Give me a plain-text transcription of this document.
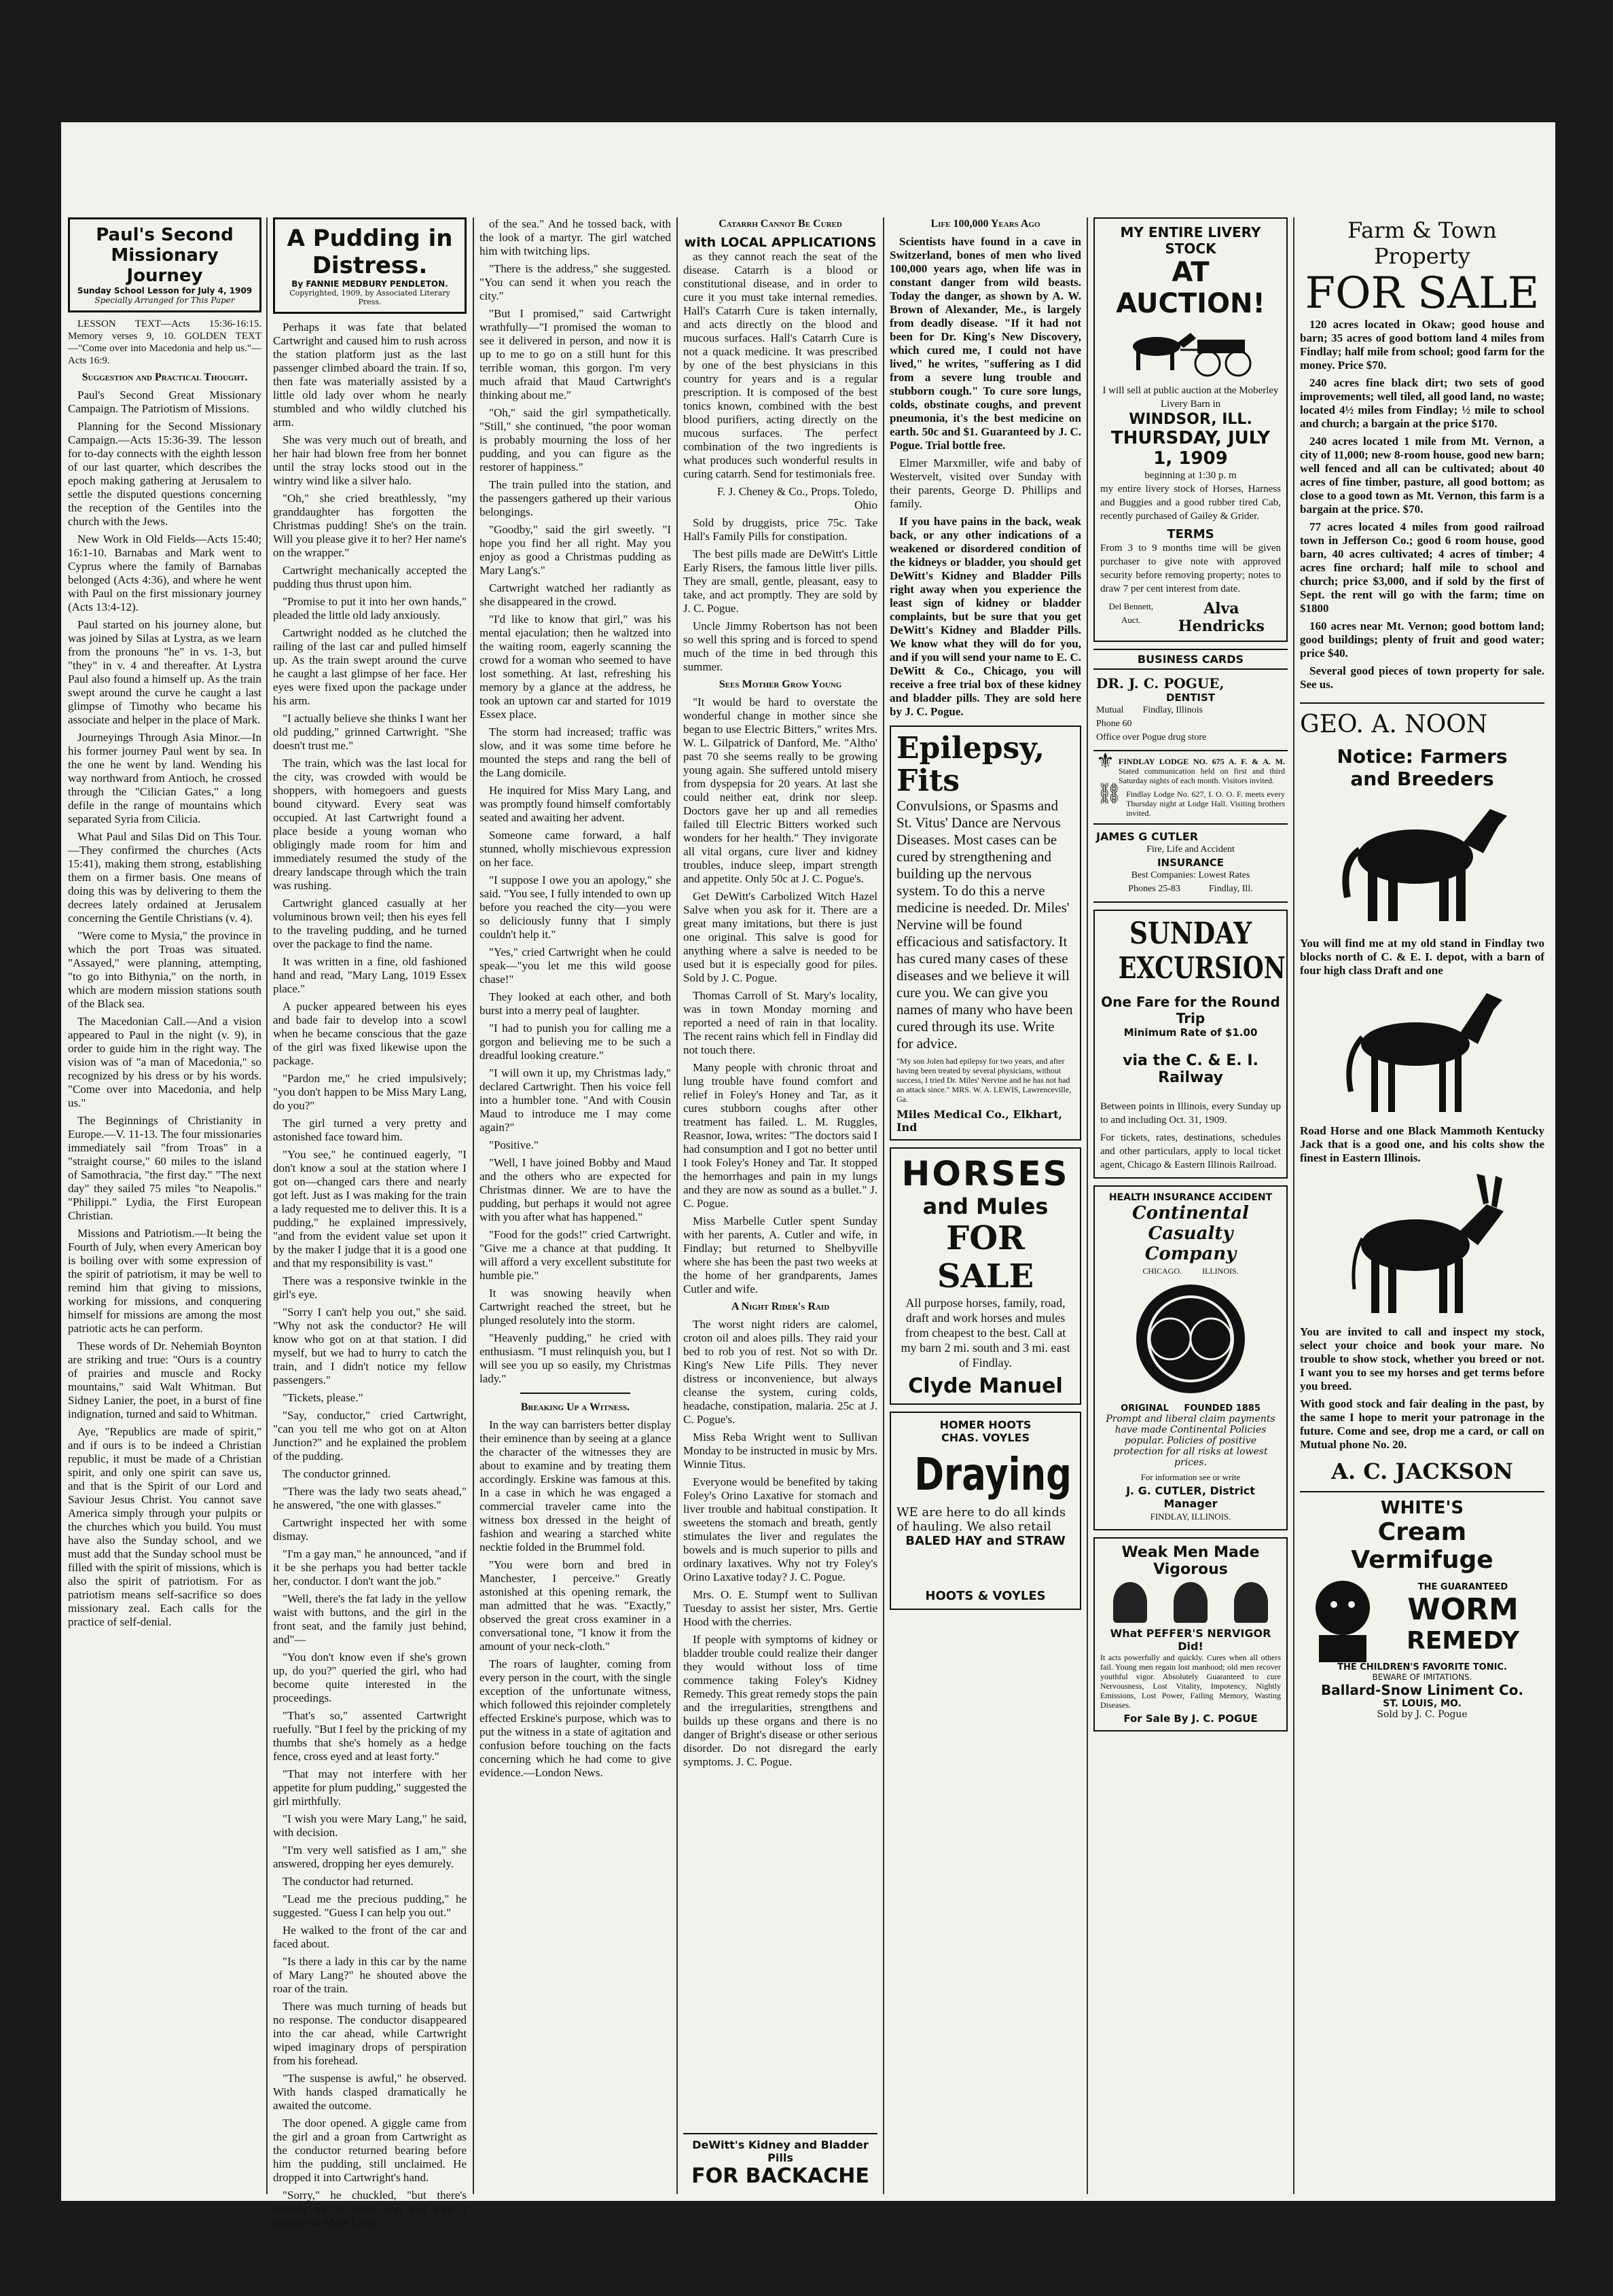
Paul's Second
Missionary Journey
Sunday School Lesson for July 4, 1909
Specially Arranged for This Paper

LESSON TEXT—Acts 15:36-16:15. Memory verses 9, 10. GOLDEN TEXT—"Come over into Macedonia and help us."—Acts 16:9.

Suggestion and Practical Thought.

Paul's Second Great Missionary Campaign. The Patriotism of Missions.

Planning for the Second Missionary Campaign.—Acts 15:36-39. The lesson for to-day connects with the eighth lesson of our last quarter, which describes the epoch making gathering at Jerusalem to settle the disputed questions concerning the reception of the Gentiles into the church with the Jews.

New Work in Old Fields—Acts 15:40; 16:1-10. Barnabas and Mark went to Cyprus where the family of Barnabas belonged (Acts 4:36), and where he went with Paul on the first missionary journey (Acts 13:4-12).

Paul started on his journey alone, but was joined by Silas at Lystra, as we learn from the pronouns "he" in vs. 1-3, but "they" in v. 4 and thereafter. At Lystra Paul also found a himself up. As the train swept around the curve he caught a last glimpse of Timothy who became his associate and helper in the place of Mark.

Journeyings Through Asia Minor.—In his former journey Paul went by sea. In the one he went by land. Wending his way northward from Antioch, he crossed through the "Cilician Gates," a long defile in the range of mountains which separated Syria from Cilicia.

What Paul and Silas Did on This Tour.—They confirmed the churches (Acts 15:41), making them strong, establishing them on a firmer basis. One means of doing this was by delivering to them the decrees lately ordained at Jerusalem concerning the Gentile Christians (v. 4).

"Were come to Mysia," the province in which the port Troas was situated. "Assayed," were planning, attempting, "to go into Bithynia," on the north, in which are modern mission stations south of the Black sea.

The Macedonian Call.—And a vision appeared to Paul in the night (v. 9), in order to guide him in the right way. The vision was of "a man of Macedonia," so recognized by his dress or by his words. "Come over into Macedonia, and help us."

The Beginnings of Christianity in Europe.—V. 11-13. The four missionaries immediately sail "from Troas" in a "straight course," 60 miles to the island of Samothracia, "the first day." "The next day" they sailed 75 miles "to Neapolis." "Philippi." Lydia, the First European Christian.

Missions and Patriotism.—It being the Fourth of July, when every American boy is boiling over with some expression of the spirit of patriotism, it may be well to remind him that giving to missions, working for missions, and conquering himself for missions are among the most patriotic acts he can perform.

These words of Dr. Nehemiah Boynton are striking and true: "Ours is a country of prairies and muscle and Rocky mountains," said Walt Whitman. But Sidney Lanier, the poet, in a burst of fine indignation, turned and said to Whitman.

Aye, "Republics are made of spirit," and if ours is to be indeed a Christian republic, it must be made of a Christian spirit, and only one spirit can save us, and that is the Spirit of our Lord and Saviour Jesus Christ. You cannot save America simply through your pulpits or the churches which you build. You must have also the Sunday school, and we must add that the Sunday school must be filled with the spirit of missions, which is also the spirit of patriotism. For as patriotism means self-sacrifice so does missionary zeal. Each calls for the practice of self-denial.

A Pudding in
Distress.
By FANNIE MEDBURY PENDLETON.
Copyrighted, 1909, by Associated Literary Press.

Perhaps it was fate that belated Cartwright and caused him to rush across the station platform just as the last passenger climbed aboard the train. If so, then fate was materially assisted by a little old lady over whom he nearly stumbled and who wildly clutched his arm.

She was very much out of breath, and her hair had blown free from her bonnet until the stray locks stood out in the wintry wind like a silver halo.

"Oh," she cried breathlessly, "my granddaughter has forgotten the Christmas pudding! She's on the train. Will you please give it to her? Her name's on the wrapper."

Cartwright mechanically accepted the pudding thus thrust upon him.

"Promise to put it into her own hands," pleaded the little old lady anxiously.

Cartwright nodded as he clutched the railing of the last car and pulled himself up. As the train swept around the curve he caught a last glimpse of her face. Her eyes were fixed upon the package under his arm.

"I actually believe she thinks I want her old pudding," grinned Cartwright. "She doesn't trust me."

The train, which was the last local for the city, was crowded with would be shoppers, with homegoers and guests bound cityward. Every seat was occupied. At last Cartwright found a place beside a young woman who obligingly made room for him and immediately resumed the study of the dreary landscape through which the train was rushing.

Cartwright glanced casually at her voluminous brown veil; then his eyes fell to the traveling pudding, and he turned over the package to find the name.

It was written in a fine, old fashioned hand and read, "Mary Lang, 1019 Essex place."

A pucker appeared between his eyes and bade fair to develop into a scowl when he became conscious that the gaze of the girl was fixed likewise upon the package.

"Pardon me," he cried impulsively; "you don't happen to be Miss Mary Lang, do you?"

The girl turned a very pretty and astonished face toward him.

"You see," he continued eagerly, "I don't know a soul at the station where I got on—changed cars there and nearly got left. Just as I was making for the train a lady requested me to deliver this. It is a pudding," he explained impressively, "and from the evident value set upon it by the maker I judge that it is a good one and that my responsibility is vast."

There was a responsive twinkle in the girl's eye.

"Sorry I can't help you out," she said. "Why not ask the conductor? He will know who got on at that station. I did myself, but we had to hurry to catch the train, and I didn't notice my fellow passengers."

"Tickets, please."

"Say, conductor," cried Cartwright, "can you tell me who got on at Alton Junction?" and he explained the problem of the pudding.

The conductor grinned.

"There was the lady two seats ahead," he answered, "the one with glasses."

Cartwright inspected her with some dismay.

"I'm a gay man," he announced, "and if it be she perhaps you had better tackle her, conductor. I don't want the job."

"Well, there's the fat lady in the yellow waist with buttons, and the girl in the front seat, and the family just behind, and"—

"You don't know even if she's grown up, do you?" queried the girl, who had become quite interested in the proceedings.

"That's so," assented Cartwright ruefully. "But I feel by the pricking of my thumbs that she's homely as a hedge fence, cross eyed and at least forty."

"That may not interfere with her appetite for plum pudding," suggested the girl mirthfully.

"I wish you were Mary Lang," he said, with decision.

"I'm very well satisfied as I am," she answered, dropping her eyes demurely.

The conductor had returned.

"Lead me the precious pudding," he suggested. "Guess I can help you out."

He walked to the front of the car and faced about.

"Is there a lady in this car by the name of Mary Lang?" he shouted above the roar of the train.

There was much turning of heads but no response. The conductor disappeared into the car ahead, while Cartwright wiped imaginary drops of perspiration from his forehead.

"The suspense is awful," he observed. With hands clasped dramatically he awaited the outcome.

The door opened. A giggle came from the girl and a groan from Cartwright as the conductor returned bearing before him the pudding, still unclaimed. He dropped it into Cartwright's hand.

"Sorry," he chuckled, "but there's nobody on the train who will own it belongs to Mary Lang."

of the sea." And he tossed back, with the look of a martyr. The girl watched him with twitching lips.

"There is the address," she suggested. "You can send it when you reach the city."

"But I promised," said Cartwright wrathfully—"I promised the woman to see it delivered in person, and now it is up to me to go on a still hunt for this terrible woman, this gorgon. I'm very much afraid that Maud Cartwright's thinking about me."

"Oh," said the girl sympathetically. "Still," she continued, "the poor woman is probably mourning the loss of her pudding, and you can figure as the restorer of happiness."

The train pulled into the station, and the passengers gathered up their various belongings.

"Goodby," said the girl sweetly. "I hope you find her all right. May you enjoy as good a Christmas pudding as Mary Lang's."

Cartwright watched her radiantly as she disappeared in the crowd.

"I'd like to know that girl," was his mental ejaculation; then he waltzed into the waiting room, eagerly scanning the crowd for a woman who seemed to have lost something. At last, refreshing his memory by a glance at the address, he took an uptown car and started for 1019 Essex place.

The storm had increased; traffic was slow, and it was some time before he mounted the steps and rang the bell of the Lang domicile.

He inquired for Miss Mary Lang, and was promptly found himself comfortably seated and awaiting her advent.

Someone came forward, a half stunned, wholly mischievous expression on her face.

"I suppose I owe you an apology," she said. "You see, I fully intended to own up before you reached the city—you were so deliciously funny that I simply couldn't help it."

"Yes," cried Cartwright when he could speak—"you let me this wild goose chase!"

They looked at each other, and both burst into a merry peal of laughter.

"I had to punish you for calling me a gorgon and believing me to be such a dreadful looking creature."

"I will own it up, my Christmas lady," declared Cartwright. Then his voice fell into a humbler tone. "And with Cousin Maud to introduce me I may come again?"

"Positive."

"Well, I have joined Bobby and Maud and the others who are expected for Christmas dinner. We are to have the pudding, but perhaps it would not agree with you after what has happened."

"Food for the gods!" cried Cartwright. "Give me a chance at that pudding. It will afford a very excellent substitute for humble pie."

It was snowing heavily when Cartwright reached the street, but he plunged resolutely into the storm.

"Heavenly pudding," he cried with enthusiasm. "I must relinquish you, but I will see you up so easily, my Christmas lady."

Breaking Up a Witness.

In the way can barristers better display their eminence than by seeing at a glance the character of the witnesses they are about to examine and by treating them accordingly. Erskine was famous at this. In a case in which he was engaged a commercial traveler came into the witness box dressed in the height of fashion and wearing a starched white necktie folded in the Brummel fold.

"You were born and bred in Manchester, I perceive." Greatly astonished at this opening remark, the man admitted that he was. "Exactly," observed the great cross examiner in a conversational tone, "I know it from the amount of your neck-cloth."

The roars of laughter, coming from every person in the court, with the single exception of the unfortunate witness, which followed this rejoinder completely effected Erskine's purpose, which was to put the witness in a state of agitation and confusion before touching on the facts concerning which he had come to give evidence.—London News.

Catarrh Cannot Be Cured
with LOCAL APPLICATIONS

as they cannot reach the seat of the disease. Catarrh is a blood or constitutional disease, and in order to cure it you must take internal remedies. Hall's Catarrh Cure is taken internally, and acts directly on the blood and mucous surfaces. Hall's Catarrh Cure is not a quack medicine. It was prescribed by one of the best physicians in this country for years and is a regular prescription. It is composed of the best tonics known, combined with the best blood purifiers, acting directly on the mucous surfaces. The perfect combination of the two ingredients is what produces such wonderful results in curing catarrh. Send for testimonials free.

F. J. Cheney & Co., Props. Toledo, Ohio

Sold by druggists, price 75c. Take Hall's Family Pills for constipation.

The best pills made are DeWitt's Little Early Risers, the famous little liver pills. They are small, gentle, pleasant, easy to take, and act promptly. They are sold by J. C. Pogue.

Uncle Jimmy Robertson has not been so well this spring and is forced to spend much of the time in bed through this summer.

Sees Mother Grow Young

"It would be hard to overstate the wonderful change in mother since she began to use Electric Bitters," writes Mrs. W. L. Gilpatrick of Danford, Me. "Altho' past 70 she seems really to be growing young again. She suffered untold misery from dyspepsia for 20 years. At last she could neither eat, drink nor sleep. Doctors gave her up and all remedies failed till Electric Bitters worked such wonders for her health." They invigorate all vital organs, cure liver and kidney troubles, induce sleep, impart strength and appetite. Only 50c at J. C. Pogue's.

Get DeWitt's Carbolized Witch Hazel Salve when you ask for it. There are a great many imitations, but there is just one original. This salve is good for anything where a salve is needed to be used but it is especially good for piles. Sold by J. C. Pogue.

Thomas Carroll of St. Mary's locality, was in town Monday morning and reported a need of rain in that locality. The recent rains which fell in Findlay did not touch there.

Many people with chronic throat and lung trouble have found comfort and relief in Foley's Honey and Tar, as it cures stubborn coughs after other treatment has failed. L. M. Ruggles, Reasnor, Iowa, writes: "The doctors said I had consumption and I got no better until I took Foley's Honey and Tar. It stopped the hemorrhages and pain in my lungs and they are now as sound as a bullet." J. C. Pogue.

Miss Marbelle Cutler spent Sunday with her parents, A. Cutler and wife, in Findlay; but returned to Shelbyville where she has been the past two weeks at the home of her grandparents, James Cutler and wife.

A Night Rider's Raid

The worst night riders are calomel, croton oil and aloes pills. They raid your bed to rob you of rest. Not so with Dr. King's New Life Pills. They never distress or inconvenience, but always cleanse the system, curing colds, headache, constipation, malaria. 25c at J. C. Pogue's.

Miss Reba Wright went to Sullivan Monday to be instructed in music by Mrs. Winnie Titus.

Everyone would be benefited by taking Foley's Orino Laxative for stomach and liver trouble and habitual constipation. It sweetens the stomach and breath, gently stimulates the liver and regulates the bowels and is much superior to pills and ordinary laxatives. Why not try Foley's Orino Laxative today? J. C. Pogue.

Mrs. O. E. Stumpf went to Sullivan Tuesday to assist her sister, Mrs. Gertie Hood with the cherries.

If people with symptoms of kidney or bladder trouble could realize their danger they would without loss of time commence taking Foley's Kidney Remedy. This great remedy stops the pain and the irregularities, strengthens and builds up these organs and there is no danger of Bright's disease or other serious disorder. Do not disregard the early symptoms. J. C. Pogue.

DeWitt's Kidney and Bladder Pills
FOR BACKACHE
Life 100,000 Years Ago

Scientists have found in a cave in Switzerland, bones of men who lived 100,000 years ago, when life was in constant danger from wild beasts. Today the danger, as shown by A. W. Brown of Alexander, Me., is largely from deadly disease. "If it had not been for Dr. King's New Discovery, which cured me, I could not have lived," he writes, "suffering as I did from a severe lung trouble and stubborn cough." To cure sore lungs, colds, obstinate coughs, and prevent pneumonia, it's the best medicine on earth. 50c and $1. Guaranteed by J. C. Pogue. Trial bottle free.

Elmer Marxmiller, wife and baby of Westervelt, visited over Sunday with their parents, George D. Phillips and family.

If you have pains in the back, weak back, or any other indications of a weakened or disordered condition of the kidneys or bladder, you should get DeWitt's Kidney and Bladder Pills right away when you experience the least sign of kidney or bladder complaints, but be sure that you get DeWitt's Kidney and Bladder Pills. We know what they will do for you, and if you will send your name to E. C. DeWitt & Co., Chicago, you will receive a free trial box of these kidney and bladder pills. They are sold here by J. C. Pogue.

Epilepsy,
Fits

Convulsions, or Spasms and St. Vitus' Dance are Nervous Diseases. Most cases can be cured by strengthening and building up the nervous system. To do this a nerve medicine is needed. Dr. Miles' Nervine will be found efficacious and satisfactory. It has cured many cases of these diseases and we believe it will cure you. We can give you names of many who have been cured through its use. Write for advice.

"My son Jolen had epilepsy for two years, and after having been treated by several physicians, without success, I tried Dr. Miles' Nervine and he has not had an attack since." MRS. W. A. LEWIS, Lawrenceville, Ga.

Miles Medical Co., Elkhart, Ind
HORSES
and Mules
FOR SALE

All purpose horses, family, road, draft and work horses and mules from cheapest to the best. Call at my barn 2 mi. south and 3 mi. east of Findlay.

Clyde Manuel
HOMER HOOTS
CHAS. VOYLES
Draying
WE are here to do all kinds of hauling. We also retail
BALED HAY and STRAW
HOOTS & VOYLES
MY ENTIRE LIVERY STOCK
AT AUCTION!
I will sell at public auction at the Moberley Livery Barn in
WINDSOR, ILL.
THURSDAY, JULY 1, 1909
beginning at 1:30 p. m
my entire livery stock of Horses, Harness and Buggies and a good rubber tired Cab, recently purchased of Gailey & Grider.
TERMS
From 3 to 9 months time will be given purchaser to give note with approved security before removing property; notes to draw 7 per cent interest from date.
Del Bennett, Auct.
Alva Hendricks
BUSINESS CARDS
DR. J. C. POGUE,
DENTIST
Mutual        Findlay, Illinois
Phone 60
Office over Pogue drug store
⚜ FINDLAY LODGE NO. 675 A. F. & A. M. Stated communication held on first and third Saturday nights of each month. Visitors invited.
⛓ Findlay Lodge No. 627, I. O. O. F. meets every Thursday night at Lodge Hall. Visiting brothers invited.
JAMES G CUTLER
Fire, Life and Accident
INSURANCE
Best Companies: Lowest Rates
Phones 25-83            Findlay, Ill.
SUNDAY
EXCURSION
One Fare for the Round Trip
Minimum Rate of $1.00
via the C. & E. I. Railway
Between points in Illinois, every Sunday up to and including Oct. 31, 1909.
For tickets, rates, destinations, schedules and other particulars, apply to local ticket agent, Chicago & Eastern Illinois Railroad.
HEALTH INSURANCE ACCIDENT
Continental Casualty
Company
CHICAGO.          ILLINOIS.
ORIGINAL     FOUNDED 1885
Prompt and liberal claim payments have made Continental Policies popular. Policies of positive protection for all risks at lowest prices.
For information see or write
J. G. CUTLER, District Manager
FINDLAY, ILLINOIS.
Weak Men Made Vigorous
What PEFFER'S NERVIGOR Did!
It acts powerfully and quickly. Cures when all others fail. Young men regain lost manhood; old men recover youthful vigor. Absolutely Guaranteed to cure Nervousness, Lost Vitality, Impotency, Nightly Emissions, Lost Power, Failing Memory, Wasting Diseases.
For Sale By J. C. POGUE
Farm & Town Property
FOR SALE

120 acres located in Okaw; good house and barn; 35 acres of good bottom land 4 miles from Findlay; half mile from school; good farm for the money. Price $70.

240 acres fine black dirt; two sets of good improvements; well tiled, all good land, no waste; located 4½ miles from Findlay; ½ mile to school and church; a bargain at the price $170.

240 acres located 1 mile from Mt. Vernon, a city of 11,000; new 8-room house, good new barn; well fenced and all can be cultivated; about 40 acres of fine timber, pasture, all good bottom; as close to a good town as Mt. Vernon, this farm is a bargain at the price. $70.

77 acres located 4 miles from good railroad town in Jefferson Co.; good 6 room house, good barn, 40 acres cultivated; 4 acres of timber; 4 acres fine orchard; half mile to school and church; price $3,000, and if sold by the first of Sept. the rent will go with the farm; time on $1800

160 acres near Mt. Vernon; good bottom land; good buildings; plenty of fruit and good water; price $40.

Several good pieces of town property for sale. See us.

GEO. A. NOON
Notice: Farmers
and Breeders
You will find me at my old stand in Findlay two blocks north of C. & E. I. depot, with a barn of four high class Draft and one
Road Horse and one Black Mammoth Kentucky Jack that is a good one, and his colts show the finest in Eastern Illinois.
You are invited to call and inspect my stock, select your choice and book your mare. No trouble to show stock, whether you breed or not. I want you to see my horses and get terms before you breed.
With good stock and fair dealing in the past, by the same I hope to merit your patronage in the future. Come and see, drop me a card, or call on Mutual phone No. 20.
A. C. JACKSON
WHITE'S
Cream Vermifuge
THE GUARANTEED
WORM
REMEDY
THE CHILDREN'S FAVORITE TONIC.
BEWARE OF IMITATIONS.
Ballard-Snow Liniment Co.
ST. LOUIS, MO.
Sold by J. C. Pogue
